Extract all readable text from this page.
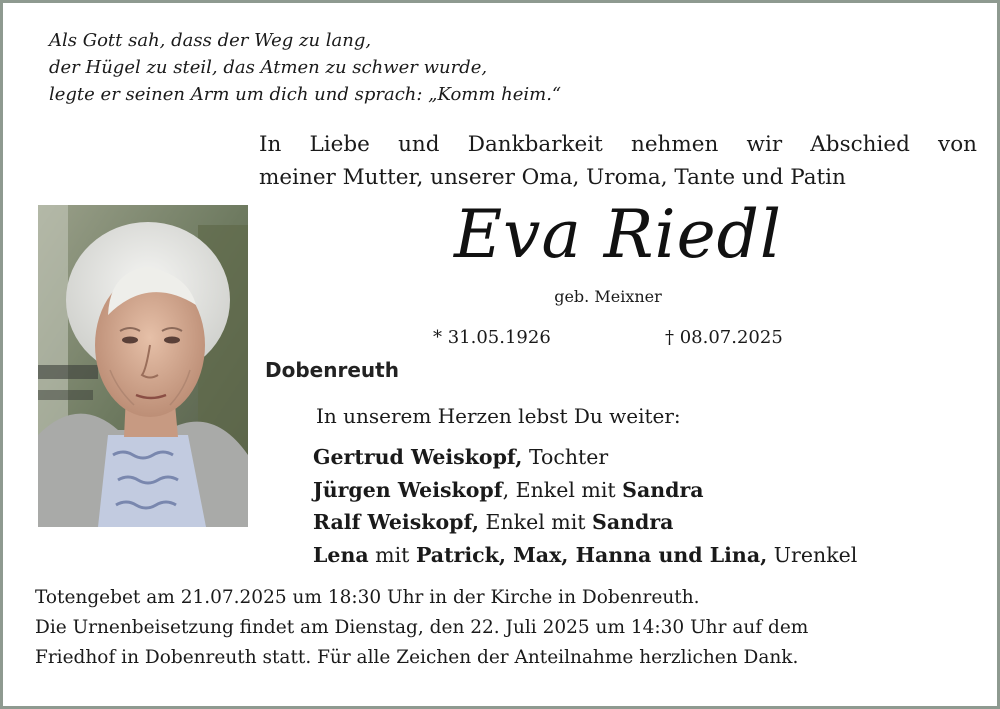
Als Gott sah, dass der Weg zu lang,
der Hügel zu steil, das Atmen zu schwer wurde,
legte er seinen Arm um dich und sprach: „Komm heim.“
In Liebe und Dankbarkeit nehmen wir Abschied von
meiner Mutter, unserer Oma, Uroma, Tante und Patin
Eva Riedl
geb. Meixner
* 31.05.1926	† 08.07.2025
Dobenreuth
In unserem Herzen lebst Du weiter:
Gertrud Weiskopf, Tochter
Jürgen Weiskopf, Enkel mit Sandra
Ralf Weiskopf, Enkel mit Sandra
Lena mit Patrick, Max, Hanna und Lina, Urenkel
Totengebet am 21.07.2025 um 18:30 Uhr in der Kirche in Dobenreuth.
Die Urnenbeisetzung findet am Dienstag, den 22. Juli 2025 um 14:30 Uhr auf dem
Friedhof in Dobenreuth statt. Für alle Zeichen der Anteilnahme herzlichen Dank.
